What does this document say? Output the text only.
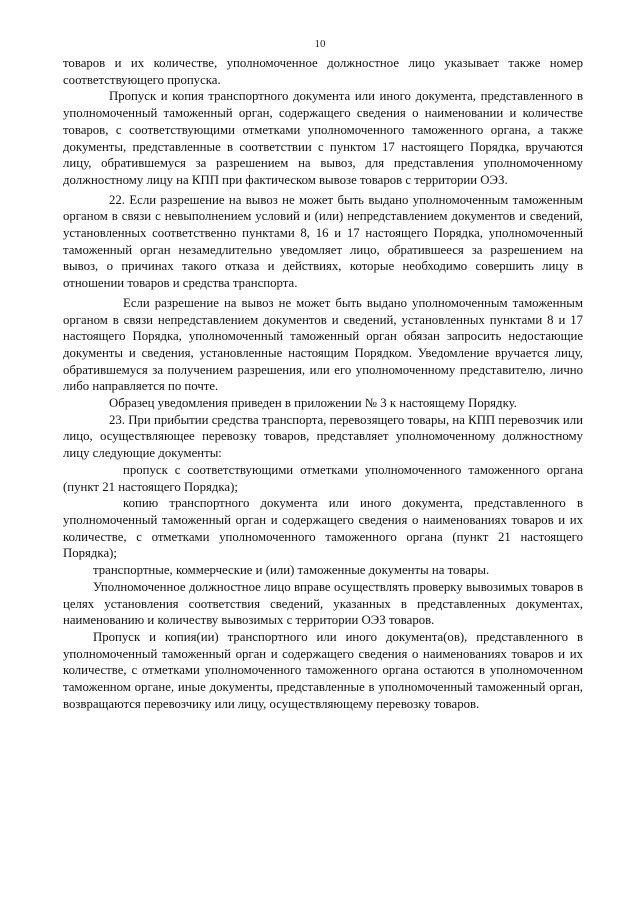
10

товаров и их количестве, уполномоченное должностное лицо указывает также номер соответствующего пропуска.

Пропуск и копия транспортного документа или иного документа, представленного в уполномоченный таможенный орган, содержащего сведения о наименовании и количестве товаров, с соответствующими отметками уполномоченного таможенного органа, а также документы, представленные в соответствии с пунктом 17 настоящего Порядка, вручаются лицу, обратившемуся за разрешением на вывоз, для представления уполномоченному должностному лицу на КПП при фактическом вывозе товаров с территории ОЭЗ.

22. Если разрешение на вывоз не может быть выдано уполномоченным таможенным органом в связи с невыполнением условий и (или) непредставлением документов и сведений, установленных соответственно пунктами 8, 16 и 17 настоящего Порядка, уполномоченный таможенный орган незамедлительно уведомляет лицо, обратившееся за разрешением на вывоз, о причинах такого отказа и действиях, которые необходимо совершить лицу в отношении товаров и средства транспорта.

Если разрешение на вывоз не может быть выдано уполномоченным таможенным органом в связи непредставлением документов и сведений, установленных пунктами 8 и 17 настоящего Порядка, уполномоченный таможенный орган обязан запросить недостающие документы и сведения, установленные настоящим Порядком. Уведомление вручается лицу, обратившемуся за получением разрешения, или его уполномоченному представителю, лично либо направляется по почте.

Образец уведомления приведен в приложении № 3 к настоящему Порядку.

23. При прибытии средства транспорта, перевозящего товары, на КПП перевозчик или лицо, осуществляющее перевозку товаров, представляет уполномоченному должностному лицу следующие документы:

пропуск с соответствующими отметками уполномоченного таможенного органа (пункт 21 настоящего Порядка);

копию транспортного документа или иного документа, представленного в уполномоченный таможенный орган и содержащего сведения о наименованиях товаров и их количестве, с отметками уполномоченного таможенного органа (пункт 21 настоящего Порядка);

транспортные, коммерческие и (или) таможенные документы на товары.

Уполномоченное должностное лицо вправе осуществлять проверку вывозимых товаров в целях установления соответствия сведений, указанных в представленных документах, наименованию и количеству вывозимых с территории ОЭЗ товаров.

Пропуск и копия(ии) транспортного или иного документа(ов), представленного в уполномоченный таможенный орган и содержащего сведения о наименованиях товаров и их количестве, с отметками уполномоченного таможенного органа остаются в уполномоченном таможенном органе, иные документы, представленные в уполномоченный таможенный орган, возвращаются перевозчику или лицу, осуществляющему перевозку товаров.
